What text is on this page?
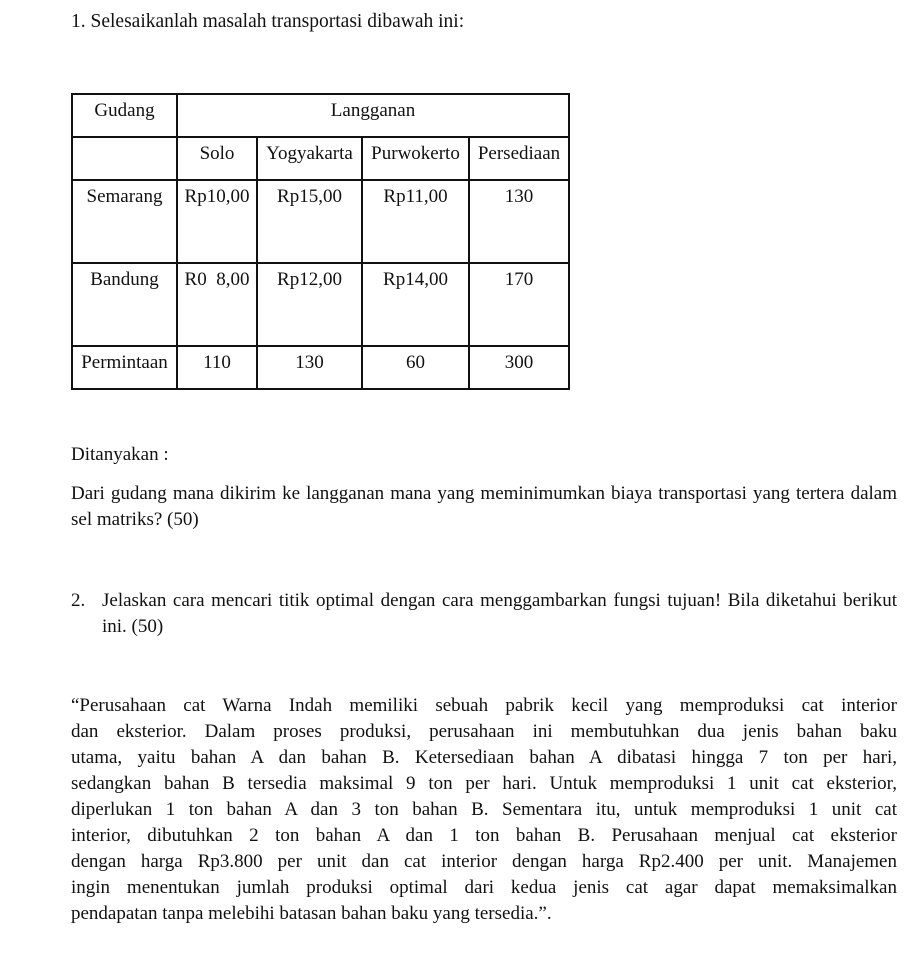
1. Selesaikanlah masalah transportasi dibawah ini:
Gudang	Langganan			

	Solo	Yogyakarta	Purwokerto	Persediaan

Semarang	Rp10,00	Rp15,00	Rp11,00	130

Bandung	R0  8,00	Rp12,00	Rp14,00	170

Permintaan	110	130	60	300
Ditanyakan :
Dari gudang mana dikirim ke langganan mana yang meminimumkan biaya transportasi yang tertera dalam sel matriks? (50)
2. Jelaskan cara mencari titik optimal dengan cara menggambarkan fungsi tujuan! Bila diketahui berikut ini. (50)
“Perusahaan cat Warna Indah memiliki sebuah pabrik kecil yang memproduksi cat interior
dan eksterior. Dalam proses produksi, perusahaan ini membutuhkan dua jenis bahan baku
utama, yaitu bahan A dan bahan B. Ketersediaan bahan A dibatasi hingga 7 ton per hari,
sedangkan bahan B tersedia maksimal 9 ton per hari. Untuk memproduksi 1 unit cat eksterior,
diperlukan 1 ton bahan A dan 3 ton bahan B. Sementara itu, untuk memproduksi 1 unit cat
interior, dibutuhkan 2 ton bahan A dan 1 ton bahan B. Perusahaan menjual cat eksterior
dengan harga Rp3.800 per unit dan cat interior dengan harga Rp2.400 per unit. Manajemen
ingin menentukan jumlah produksi optimal dari kedua jenis cat agar dapat memaksimalkan
pendapatan tanpa melebihi batasan bahan baku yang tersedia.”.
